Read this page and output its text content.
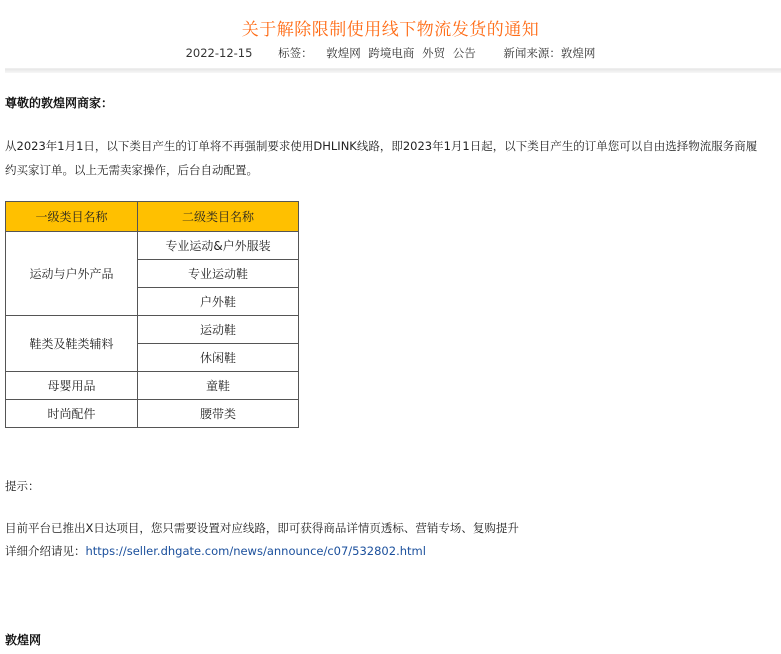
关于解除限制使用线下物流发货的通知
2022-12-15 标签： 敦煌网 跨境电商 外贸 公告 新闻来源：敦煌网
尊敬的敦煌网商家：
从2023年1月1日，以下类目产生的订单将不再强制要求使用DHLINK线路，即2023年1月1日起，以下类目产生的订单您可以自由选择物流服务商履
约买家订单。以上无需卖家操作，后台自动配置。
一级类目名称	二级类目名称
运动与户外产品	专业运动&户外服装
	专业运动鞋
	户外鞋
鞋类及鞋类辅料	运动鞋
	休闲鞋
母婴用品	童鞋
时尚配件	腰带类
提示：
目前平台已推出X日达项目，您只需要设置对应线路，即可获得商品详情页透标、营销专场、复购提升
详细介绍请见：https://seller.dhgate.com/news/announce/c07/532802.html
敦煌网
